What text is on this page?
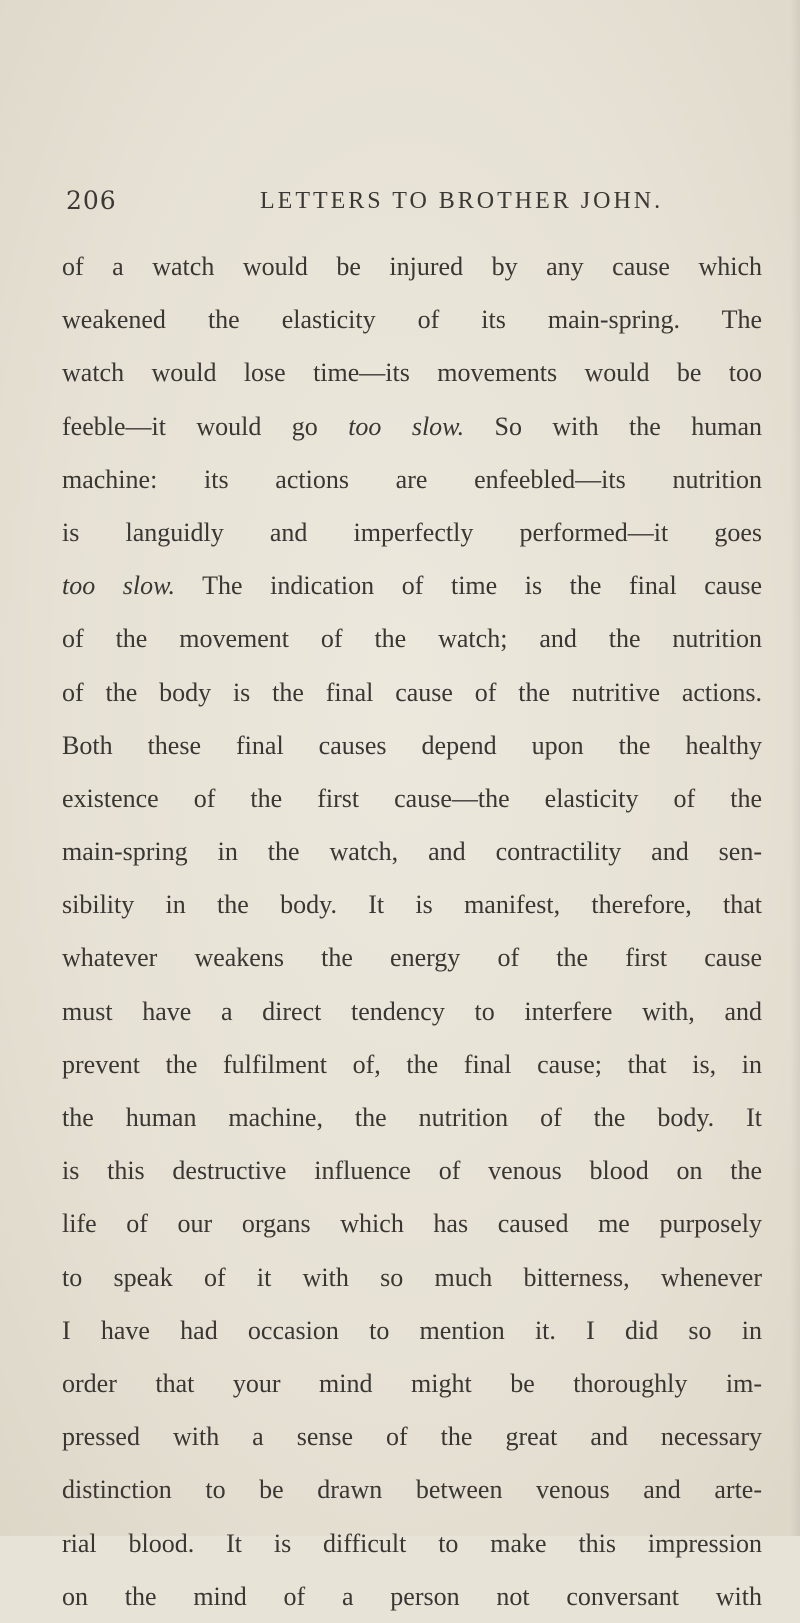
206	LETTERS TO BROTHER JOHN.
of a watch would be injured by any cause which
weakened the elasticity of its main-spring. The
watch would lose time—its movements would be too
feeble—it would go too slow. So with the human
machine: its actions are enfeebled—its nutrition
is languidly and imperfectly performed—it goes
too slow. The indication of time is the final cause
of the movement of the watch; and the nutrition
of the body is the final cause of the nutritive actions.
Both these final causes depend upon the healthy
existence of the first cause—the elasticity of the
main-spring in the watch, and contractility and sen-
sibility in the body. It is manifest, therefore, that
whatever weakens the energy of the first cause
must have a direct tendency to interfere with, and
prevent the fulfilment of, the final cause; that is, in
the human machine, the nutrition of the body. It
is this destructive influence of venous blood on the
life of our organs which has caused me purposely
to speak of it with so much bitterness, whenever
I have had occasion to mention it. I did so in
order that your mind might be thoroughly im-
pressed with a sense of the great and necessary
distinction to be drawn between venous and arte-
rial blood. It is difficult to make this impression
on the mind of a person not conversant with
